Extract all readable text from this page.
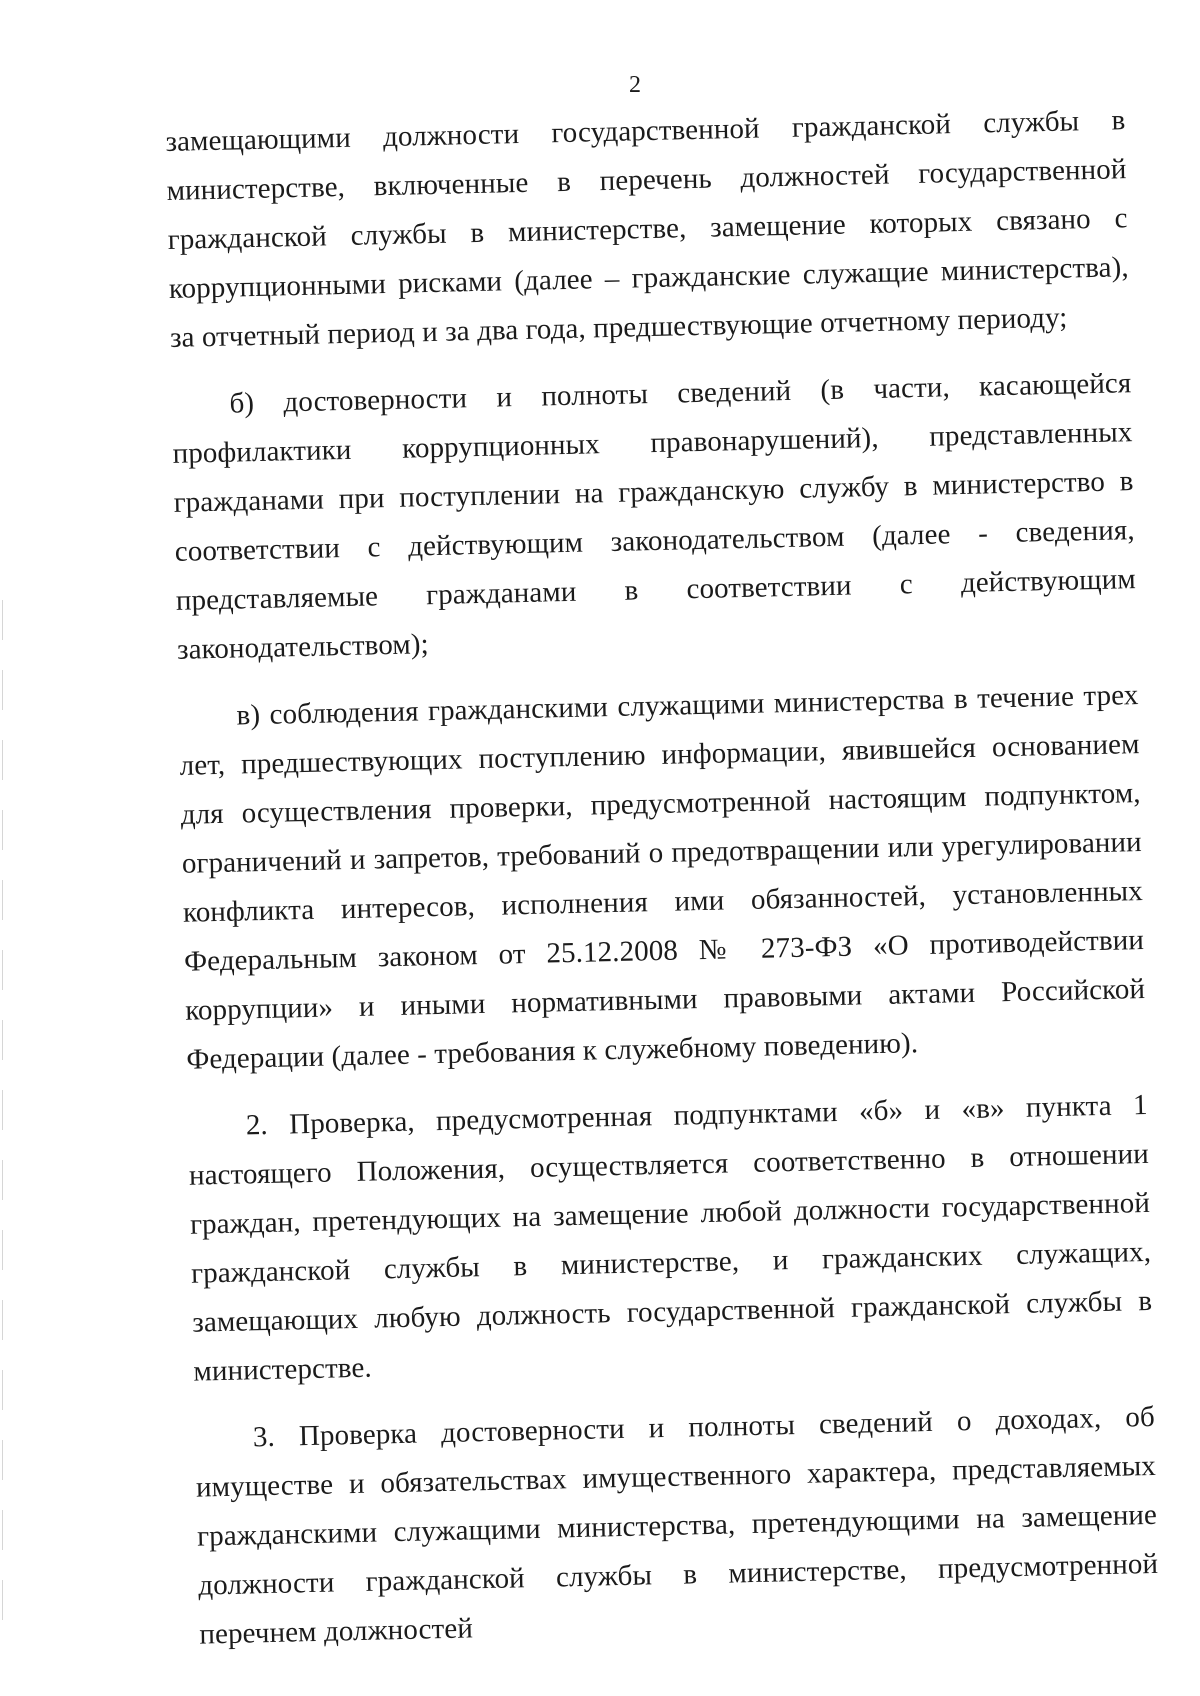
2

замещающими должности государственной гражданской службы в министерстве, включенные в перечень должностей государственной гражданской службы в министерстве, замещение которых связано с коррупционными рисками (далее – гражданские служащие министерства), за отчетный период и за два года, предшествующие отчетному периоду;

б) достоверности и полноты сведений (в части, касающейся профилактики коррупционных правонарушений), представленных гражданами при поступлении на гражданскую службу в министерство в соответствии с действующим законодательством (далее - сведения, представляемые гражданами в соответствии с действующим законодательством);

в) соблюдения гражданскими служащими министерства в течение трех лет, предшествующих поступлению информации, явившейся основанием для осуществления проверки, предусмотренной настоящим подпунктом, ограничений и запретов, требований о предотвращении или урегулировании конфликта интересов, исполнения ими обязанностей, установленных Федеральным законом от 25.12.2008 № 273-ФЗ «О противодействии коррупции» и иными нормативными правовыми актами Российской Федерации (далее - требования к служебному поведению).

2. Проверка, предусмотренная подпунктами «б» и «в» пункта 1 настоящего Положения, осуществляется соответственно в отношении граждан, претендующих на замещение любой должности государственной гражданской службы в министерстве, и гражданских служащих, замещающих любую должность государственной гражданской службы в министерстве.

3. Проверка достоверности и полноты сведений о доходах, об имуществе и обязательствах имущественного характера, представляемых гражданскими служащими министерства, претендующими на замещение должности гражданской службы в министерстве, предусмотренной перечнем должностей
